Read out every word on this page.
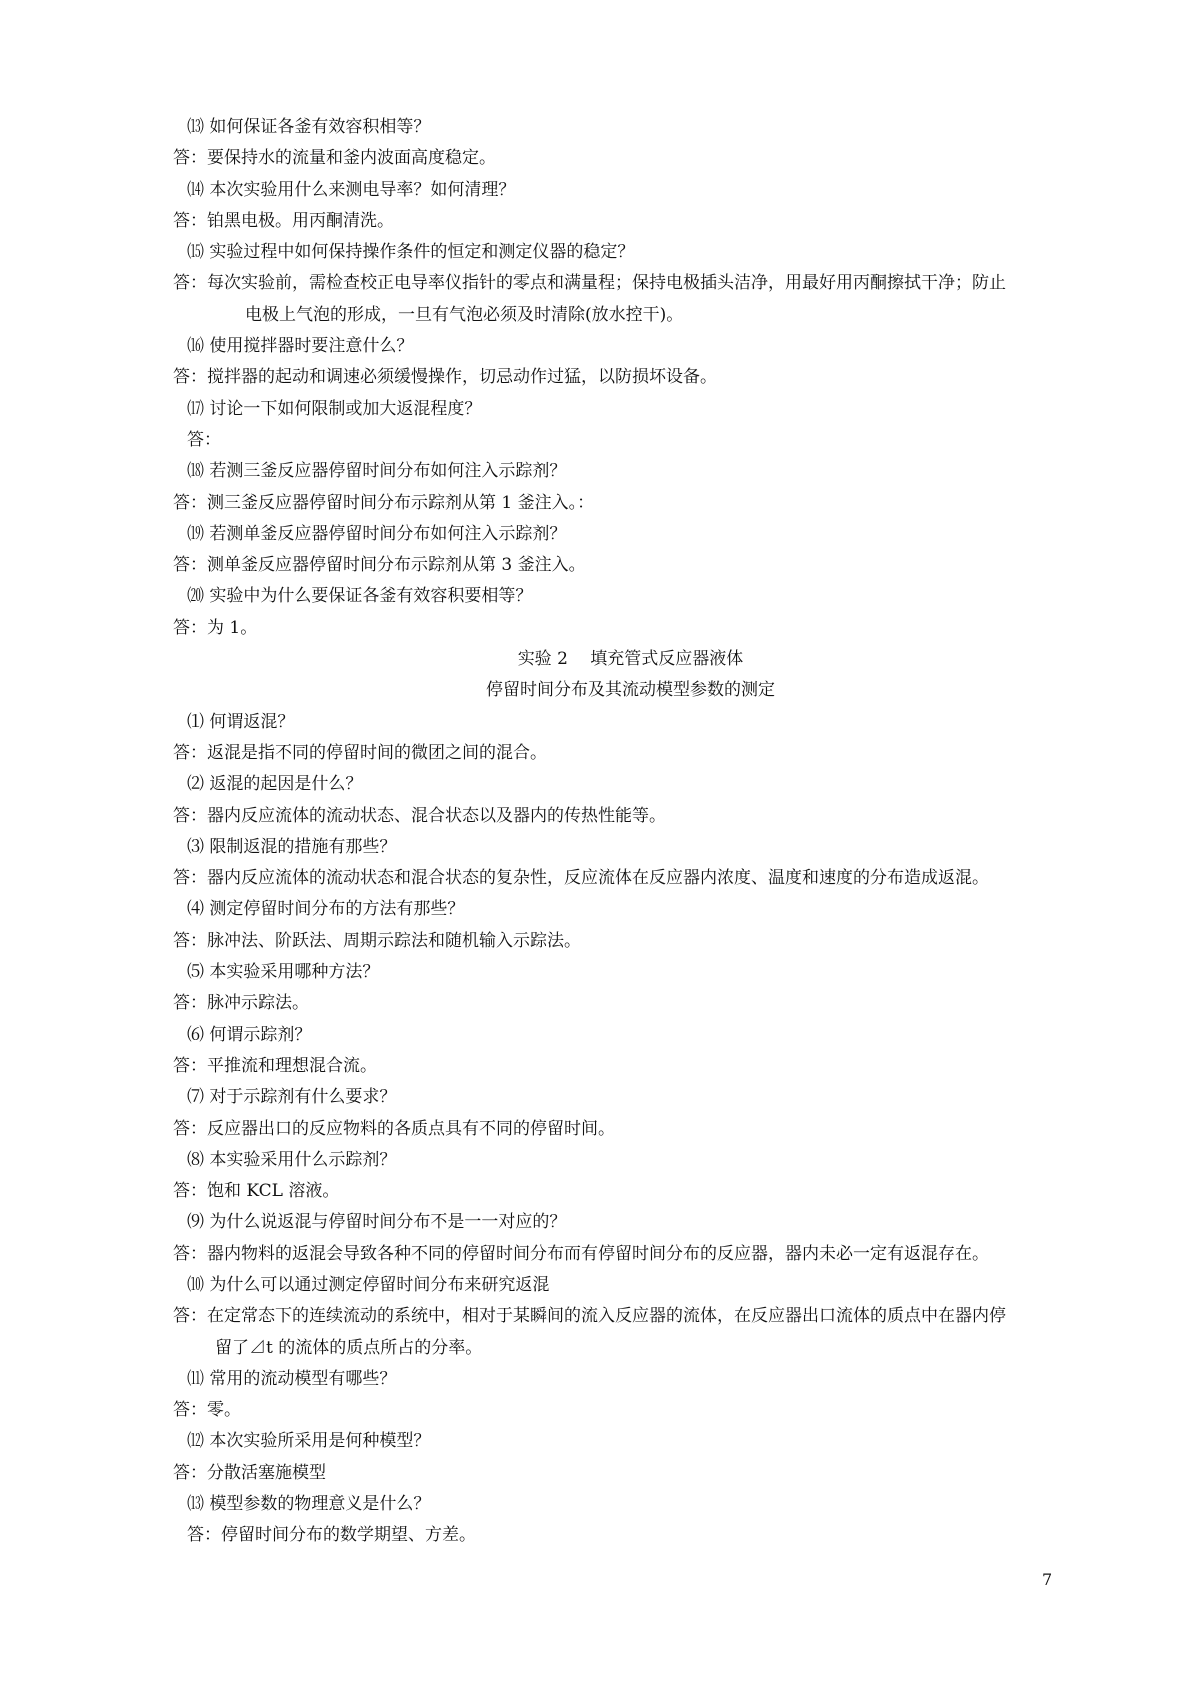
⒀ 如何保证各釜有效容积相等？
答：要保持水的流量和釜内波面高度稳定。
⒁ 本次实验用什么来测电导率？如何清理？
答：铂黑电极。用丙酮清洗。
⒂ 实验过程中如何保持操作条件的恒定和测定仪器的稳定？
答：每次实验前，需检查校正电导率仪指针的零点和满量程；保持电极插头洁净，用最好用丙酮擦拭干净；防止
电极上气泡的形成，一旦有气泡必须及时清除(放水控干)。
⒃ 使用搅拌器时要注意什么？
答：搅拌器的起动和调速必须缓慢操作，切忌动作过猛，以防损坏设备。
⒄ 讨论一下如何限制或加大返混程度？
答：
⒅ 若测三釜反应器停留时间分布如何注入示踪剂？
答：测三釜反应器停留时间分布示踪剂从第 1 釜注入。：
⒆ 若测单釜反应器停留时间分布如何注入示踪剂？
答：测单釜反应器停留时间分布示踪剂从第 3 釜注入。
⒇ 实验中为什么要保证各釜有效容积要相等？
答：为 1。
实验 2　 填充管式反应器液体
停留时间分布及其流动模型参数的测定
⑴ 何谓返混？
答：返混是指不同的停留时间的微团之间的混合。
⑵ 返混的起因是什么？
答：器内反应流体的流动状态、混合状态以及器内的传热性能等。
⑶ 限制返混的措施有那些？
答：器内反应流体的流动状态和混合状态的复杂性，反应流体在反应器内浓度、温度和速度的分布造成返混。
⑷ 测定停留时间分布的方法有那些？
答：脉冲法、阶跃法、周期示踪法和随机输入示踪法。
⑸ 本实验采用哪种方法？
答：脉冲示踪法。
⑹ 何谓示踪剂？
答：平推流和理想混合流。
⑺ 对于示踪剂有什么要求？
答：反应器出口的反应物料的各质点具有不同的停留时间。
⑻ 本实验采用什么示踪剂？
答：饱和 KCL 溶液。
⑼ 为什么说返混与停留时间分布不是一一对应的？
答：器内物料的返混会导致各种不同的停留时间分布而有停留时间分布的反应器，器内未必一定有返混存在。
⑽ 为什么可以通过测定停留时间分布来研究返混
答：在定常态下的连续流动的系统中，相对于某瞬间的流入反应器的流体，在反应器出口流体的质点中在器内停
留了⊿t 的流体的质点所占的分率。
⑾ 常用的流动模型有哪些？
答：零。
⑿ 本次实验所采用是何种模型？
答：分散活塞施模型
⒀ 模型参数的物理意义是什么？
答：停留时间分布的数学期望、方差。
7
